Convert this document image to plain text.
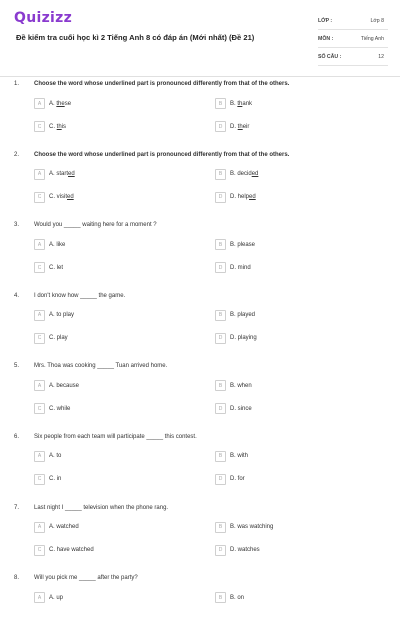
Quizizz
Đề kiểm tra cuối học kì 2 Tiếng Anh 8 có đáp án (Mới nhất) (Đề 21)
LỚP :	Lớp 8
MÔN :	Tiếng Anh
SỐ CÂU :	12
1. Choose the word whose underlined part is pronounced differently from that of the others.
A	A. these	B	B. thank
C	C. this	D	D. their
2. Choose the word whose underlined part is pronounced differently from that of the others.
A	A. started	B	B. decided
C	C. visited	D	D. helped
3. Would you _____ waiting here for a moment ?
A	A. like	B	B. please
C	C. let	D	D. mind
4. I don't know how _____ the game.
A	A. to play	B	B. played
C	C. play	D	D. playing
5. Mrs. Thoa was cooking _____ Tuan arrived home.
A	A. because	B	B. when
C	C. while	D	D. since
6. Six people from each team will participate _____ this contest.
A	A. to	B	B. with
C	C. in	D	D. for
7. Last night I _____ television when the phone rang.
A	A. watched	B	B. was watching
C	C. have watched	D	D. watches
8. Will you pick me _____ after the party?
A	A. up	B	B. on
